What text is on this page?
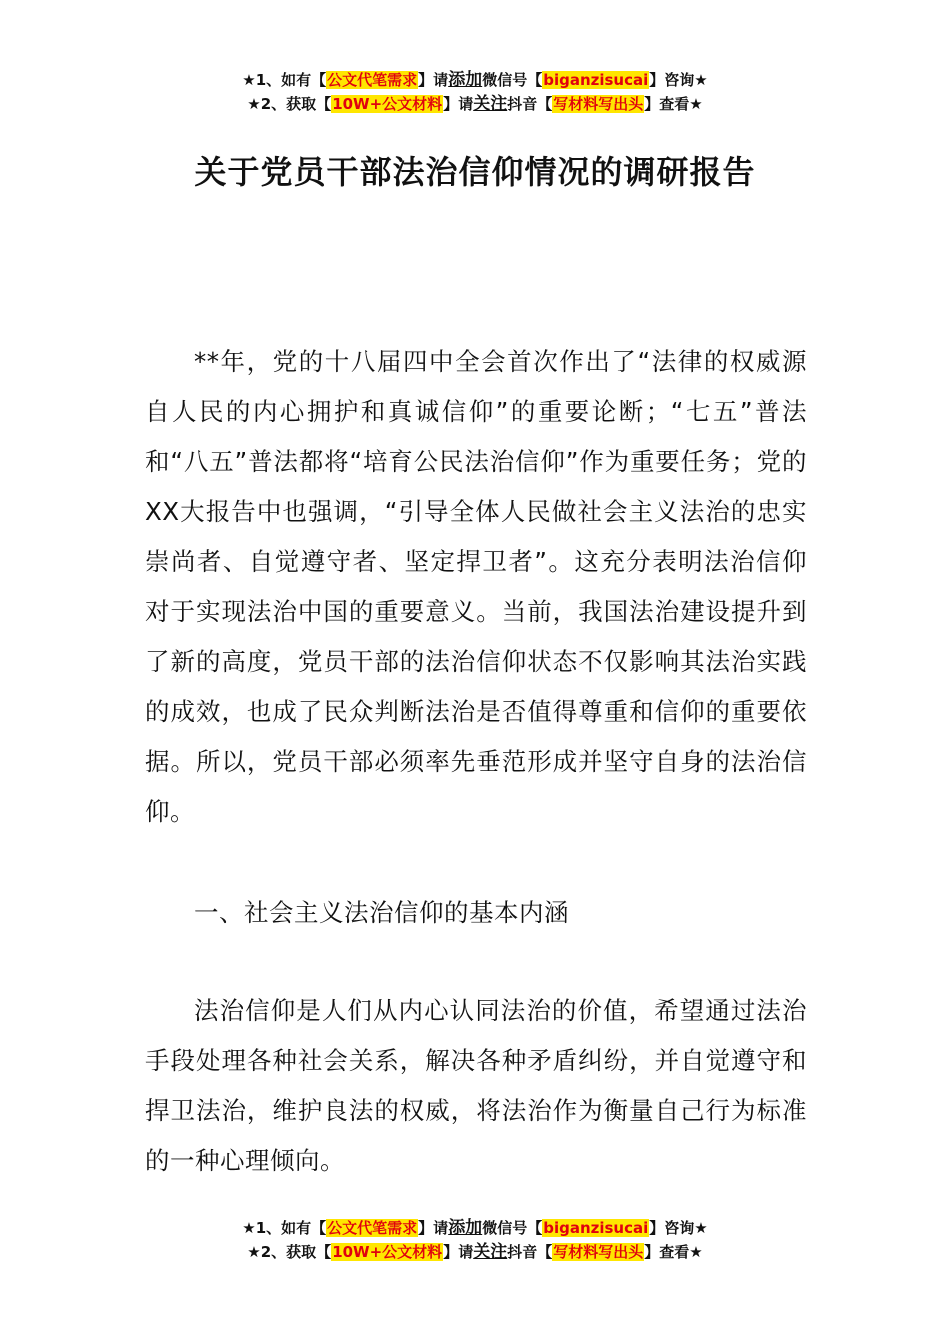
★1、如有【公文代笔需求】请添加微信号【biganzisucai】咨询★
★2、获取【10W+公文材料】请关注抖音【写材料写出头】查看★
关于党员干部法治信仰情况的调研报告

**年，党的十八届四中全会首次作出了“法律的权威源自人民的内心拥护和真诚信仰”的重要论断；“七五”普法和“八五”普法都将“培育公民法治信仰”作为重要任务；党的XX大报告中也强调，“引导全体人民做社会主义法治的忠实崇尚者、自觉遵守者、坚定捍卫者”。这充分表明法治信仰对于实现法治中国的重要意义。当前，我国法治建设提升到了新的高度，党员干部的法治信仰状态不仅影响其法治实践的成效，也成了民众判断法治是否值得尊重和信仰的重要依据。所以，党员干部必须率先垂范形成并坚守自身的法治信仰。

一、社会主义法治信仰的基本内涵

法治信仰是人们从内心认同法治的价值，希望通过法治手段处理各种社会关系，解决各种矛盾纠纷，并自觉遵守和捍卫法治，维护良法的权威，将法治作为衡量自己行为标准的一种心理倾向。

★1、如有【公文代笔需求】请添加微信号【biganzisucai】咨询★
★2、获取【10W+公文材料】请关注抖音【写材料写出头】查看★
